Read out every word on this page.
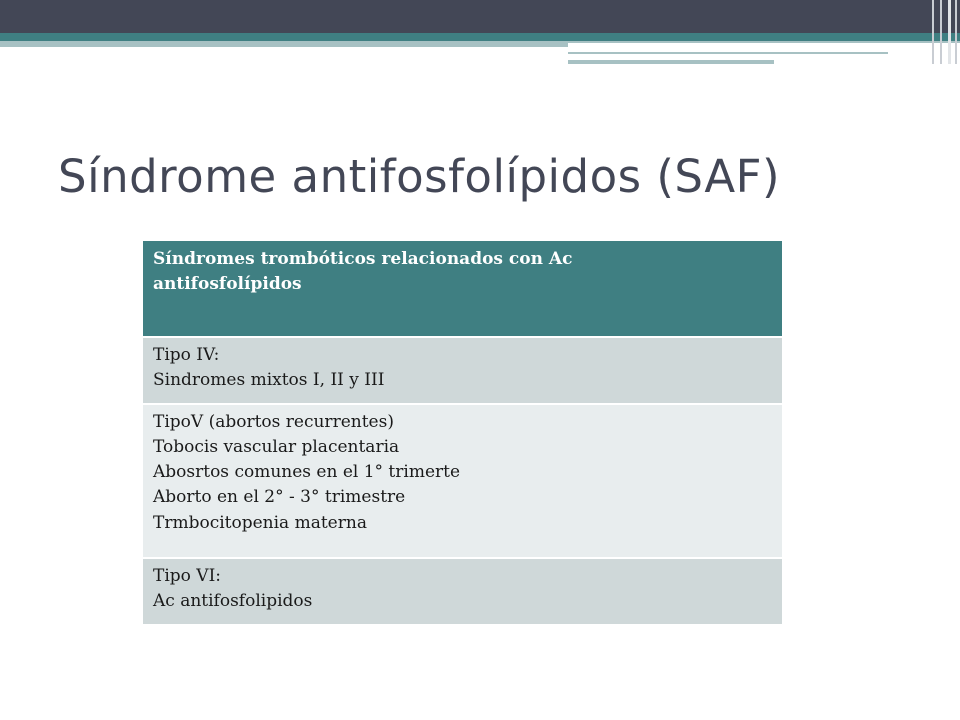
Síndrome antifosfolípidos (SAF)
Síndromes trombóticos relacionados con Ac
antifosfolípidos
Tipo IV:
Sindromes mixtos I, II y III
TipoV (abortos recurrentes)
Tobocis vascular placentaria
Abosrtos comunes en el 1° trimerte
Aborto en el 2° - 3° trimestre
Trmbocitopenia materna
Tipo VI:
Ac antifosfolipidos
